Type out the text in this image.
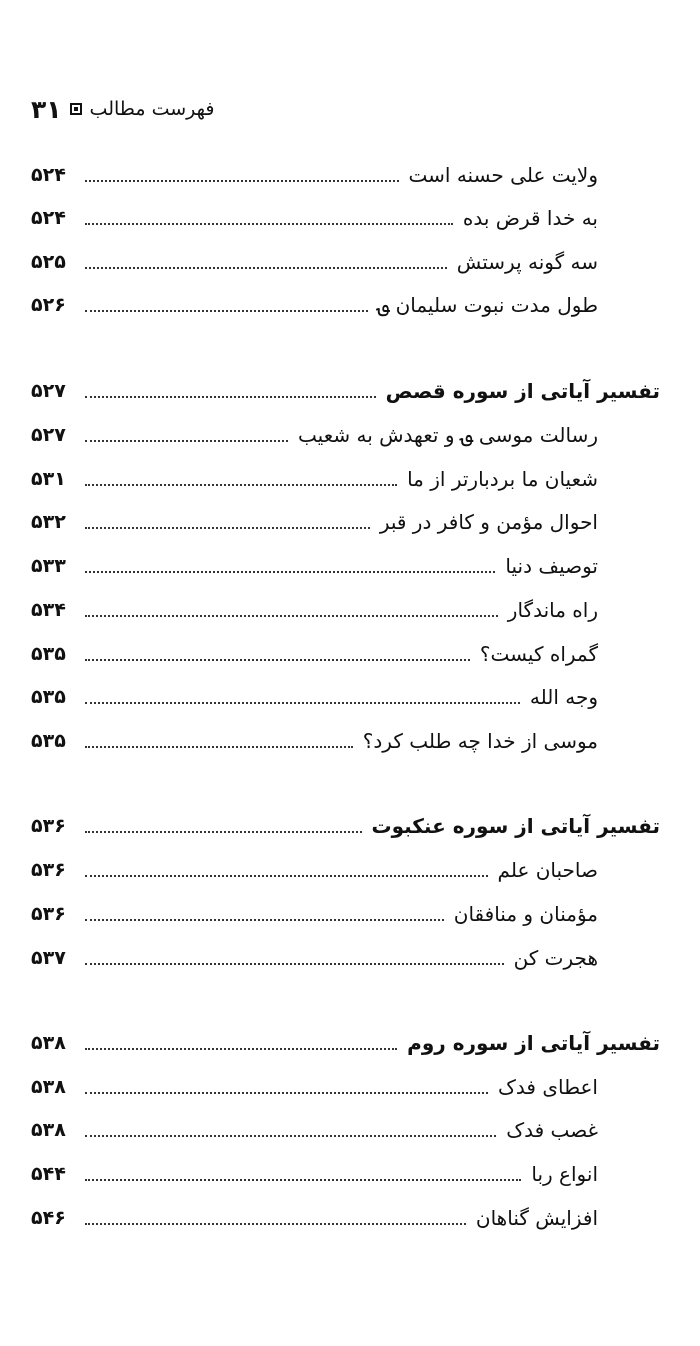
۳۱ فهرست مطالب
ولایت علی حسنه است
۵۲۴
به خدا قرض بده
۵۲۴
سه گونه پرستش
۵۲۵
طول مدت نبوت سلیمان ؈
۵۲۶
تفسیر آیاتی از سوره قصص
۵۲۷
رسالت موسی ؈ و تعهدش به شعیب
۵۲۷
شعیان ما بردبارتر از ما
۵۳۱
احوال مؤمن و کافر در قبر
۵۳۲
توصیف دنیا
۵۳۳
راه ماندگار
۵۳۴
گمراه کیست؟
۵۳۵
وجه الله
۵۳۵
موسی از خدا چه طلب کرد؟
۵۳۵
تفسیر آیاتی از سوره عنکبوت
۵۳۶
صاحبان علم
۵۳۶
مؤمنان و منافقان
۵۳۶
هجرت کن
۵۳۷
تفسیر آیاتی از سوره روم
۵۳۸
اعطای فدک
۵۳۸
غصب فدک
۵۳۸
انواع ربا
۵۴۴
افزایش گناهان
۵۴۶
